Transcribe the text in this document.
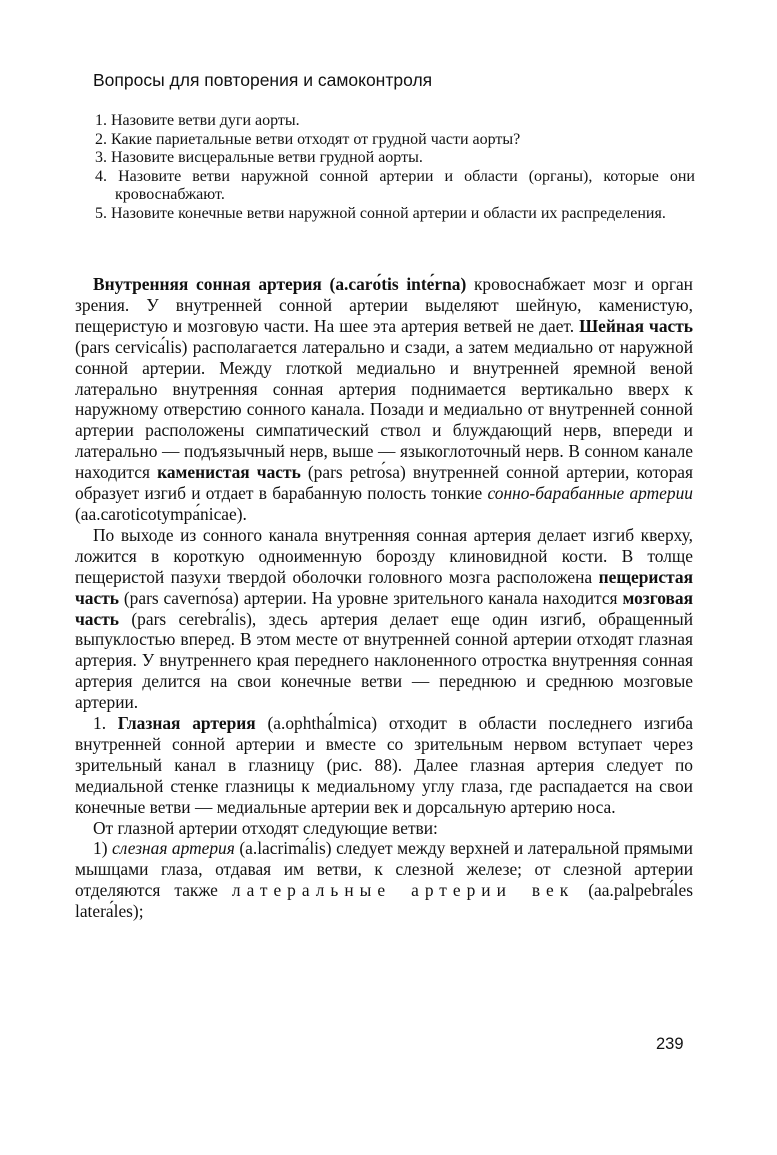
Вопросы для повторения и самоконтроля
1. Назовите ветви дуги аорты.
2. Какие париетальные ветви отходят от грудной части аорты?
3. Назовите висцеральные ветви грудной аорты.
4. Назовите ветви наружной сонной артерии и области (органы), которые они кровоснабжают.
5. Назовите конечные ветви наружной сонной артерии и области их распределения.

Внутренняя сонная артерия (a.carо́tis intе́rna) кровоснабжает мозг и орган зрения. У внутренней сонной артерии выделяют шейную, каменистую, пещеристую и мозговую части. На шее эта артерия ветвей не дает. Шейная часть (pars cervicа́lis) располагается латерально и сзади, а затем медиально от наружной сонной артерии. Между глоткой медиально и внутренней яремной веной латерально внутренняя сонная артерия поднимается вертикально вверх к наружному отверстию сонного канала. Позади и медиально от внутренней сонной артерии расположены симпатический ствол и блуждающий нерв, впереди и латерально — подъязычный нерв, выше — языкоглоточный нерв. В сонном канале находится каменистая часть (pars petrо́sa) внутренней сонной артерии, которая образует изгиб и отдает в барабанную полость тонкие сонно-барабанные артерии (aa.caroticotympа́nicae).

По выходе из сонного канала внутренняя сонная артерия делает изгиб кверху, ложится в короткую одноименную борозду клиновидной кости. В толще пещеристой пазухи твердой оболочки головного мозга расположена пещеристая часть (pars cavernо́sa) артерии. На уровне зрительного канала находится мозговая часть (pars cerebrа́lis), здесь артерия делает еще один изгиб, обращенный выпуклостью вперед. В этом месте от внутренней сонной артерии отходят глазная артерия. У внутреннего края переднего наклоненного отростка внутренняя сонная артерия делится на свои конечные ветви — переднюю и среднюю мозговые артерии.

1. Глазная артерия (a.ophthа́lmica) отходит в области последнего изгиба внутренней сонной артерии и вместе со зрительным нервом вступает через зрительный канал в глазницу (рис. 88). Далее глазная артерия следует по медиальной стенке глазницы к медиальному углу глаза, где распадается на свои конечные ветви — медиальные артерии век и дорсальную артерию носа.

От глазной артерии отходят следующие ветви:

1) слезная артерия (a.lacrimа́lis) следует между верхней и латеральной прямыми мышцами глаза, отдавая им ветви, к слезной железе; от слезной артерии отделяются также латеральные артерии век (aa.palpebrа́les laterа́les);

239
